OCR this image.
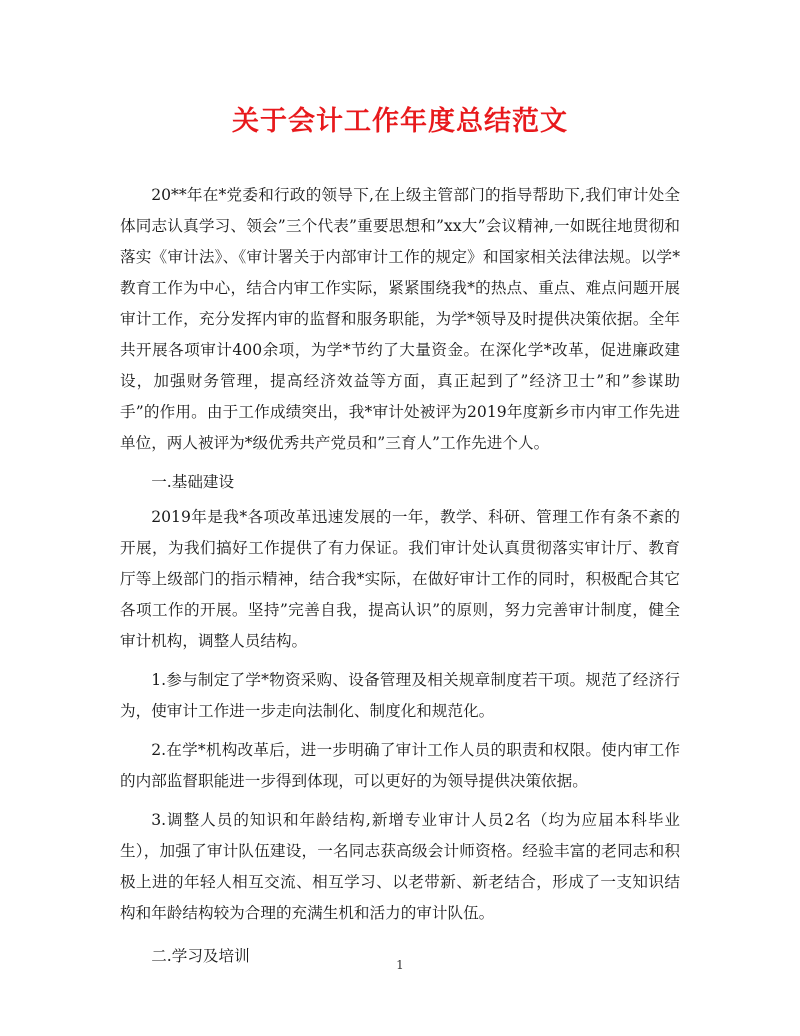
关于会计工作年度总结范文

20**年在*党委和行政的领导下,在上级主管部门的指导帮助下,我们审计处全体同志认真学习、领会”三个代表”重要思想和”xx大”会议精神,一如既往地贯彻和落实《审计法》、《审计署关于内部审计工作的规定》和国家相关法律法规。以学*教育工作为中心，结合内审工作实际，紧紧围绕我*的热点、重点、难点问题开展审计工作，充分发挥内审的监督和服务职能，为学*领导及时提供决策依据。全年共开展各项审计400余项，为学*节约了大量资金。在深化学*改革，促进廉政建设，加强财务管理，提高经济效益等方面，真正起到了”经济卫士”和”参谋助手”的作用。由于工作成绩突出，我*审计处被评为2019年度新乡市内审工作先进单位，两人被评为*级优秀共产党员和”三育人”工作先进个人。

一.基础建设

2019年是我*各项改革迅速发展的一年，教学、科研、管理工作有条不紊的开展，为我们搞好工作提供了有力保证。我们审计处认真贯彻落实审计厅、教育厅等上级部门的指示精神，结合我*实际，在做好审计工作的同时，积极配合其它各项工作的开展。坚持”完善自我，提高认识”的原则，努力完善审计制度，健全审计机构，调整人员结构。

1.参与制定了学*物资采购、设备管理及相关规章制度若干项。规范了经济行为，使审计工作进一步走向法制化、制度化和规范化。

2.在学*机构改革后，进一步明确了审计工作人员的职责和权限。使内审工作的内部监督职能进一步得到体现，可以更好的为领导提供决策依据。

3.调整人员的知识和年龄结构,新增专业审计人员2名（均为应届本科毕业生），加强了审计队伍建设，一名同志获高级会计师资格。经验丰富的老同志和积极上进的年轻人相互交流、相互学习、以老带新、新老结合，形成了一支知识结构和年龄结构较为合理的充满生机和活力的审计队伍。

二.学习及培训	1
